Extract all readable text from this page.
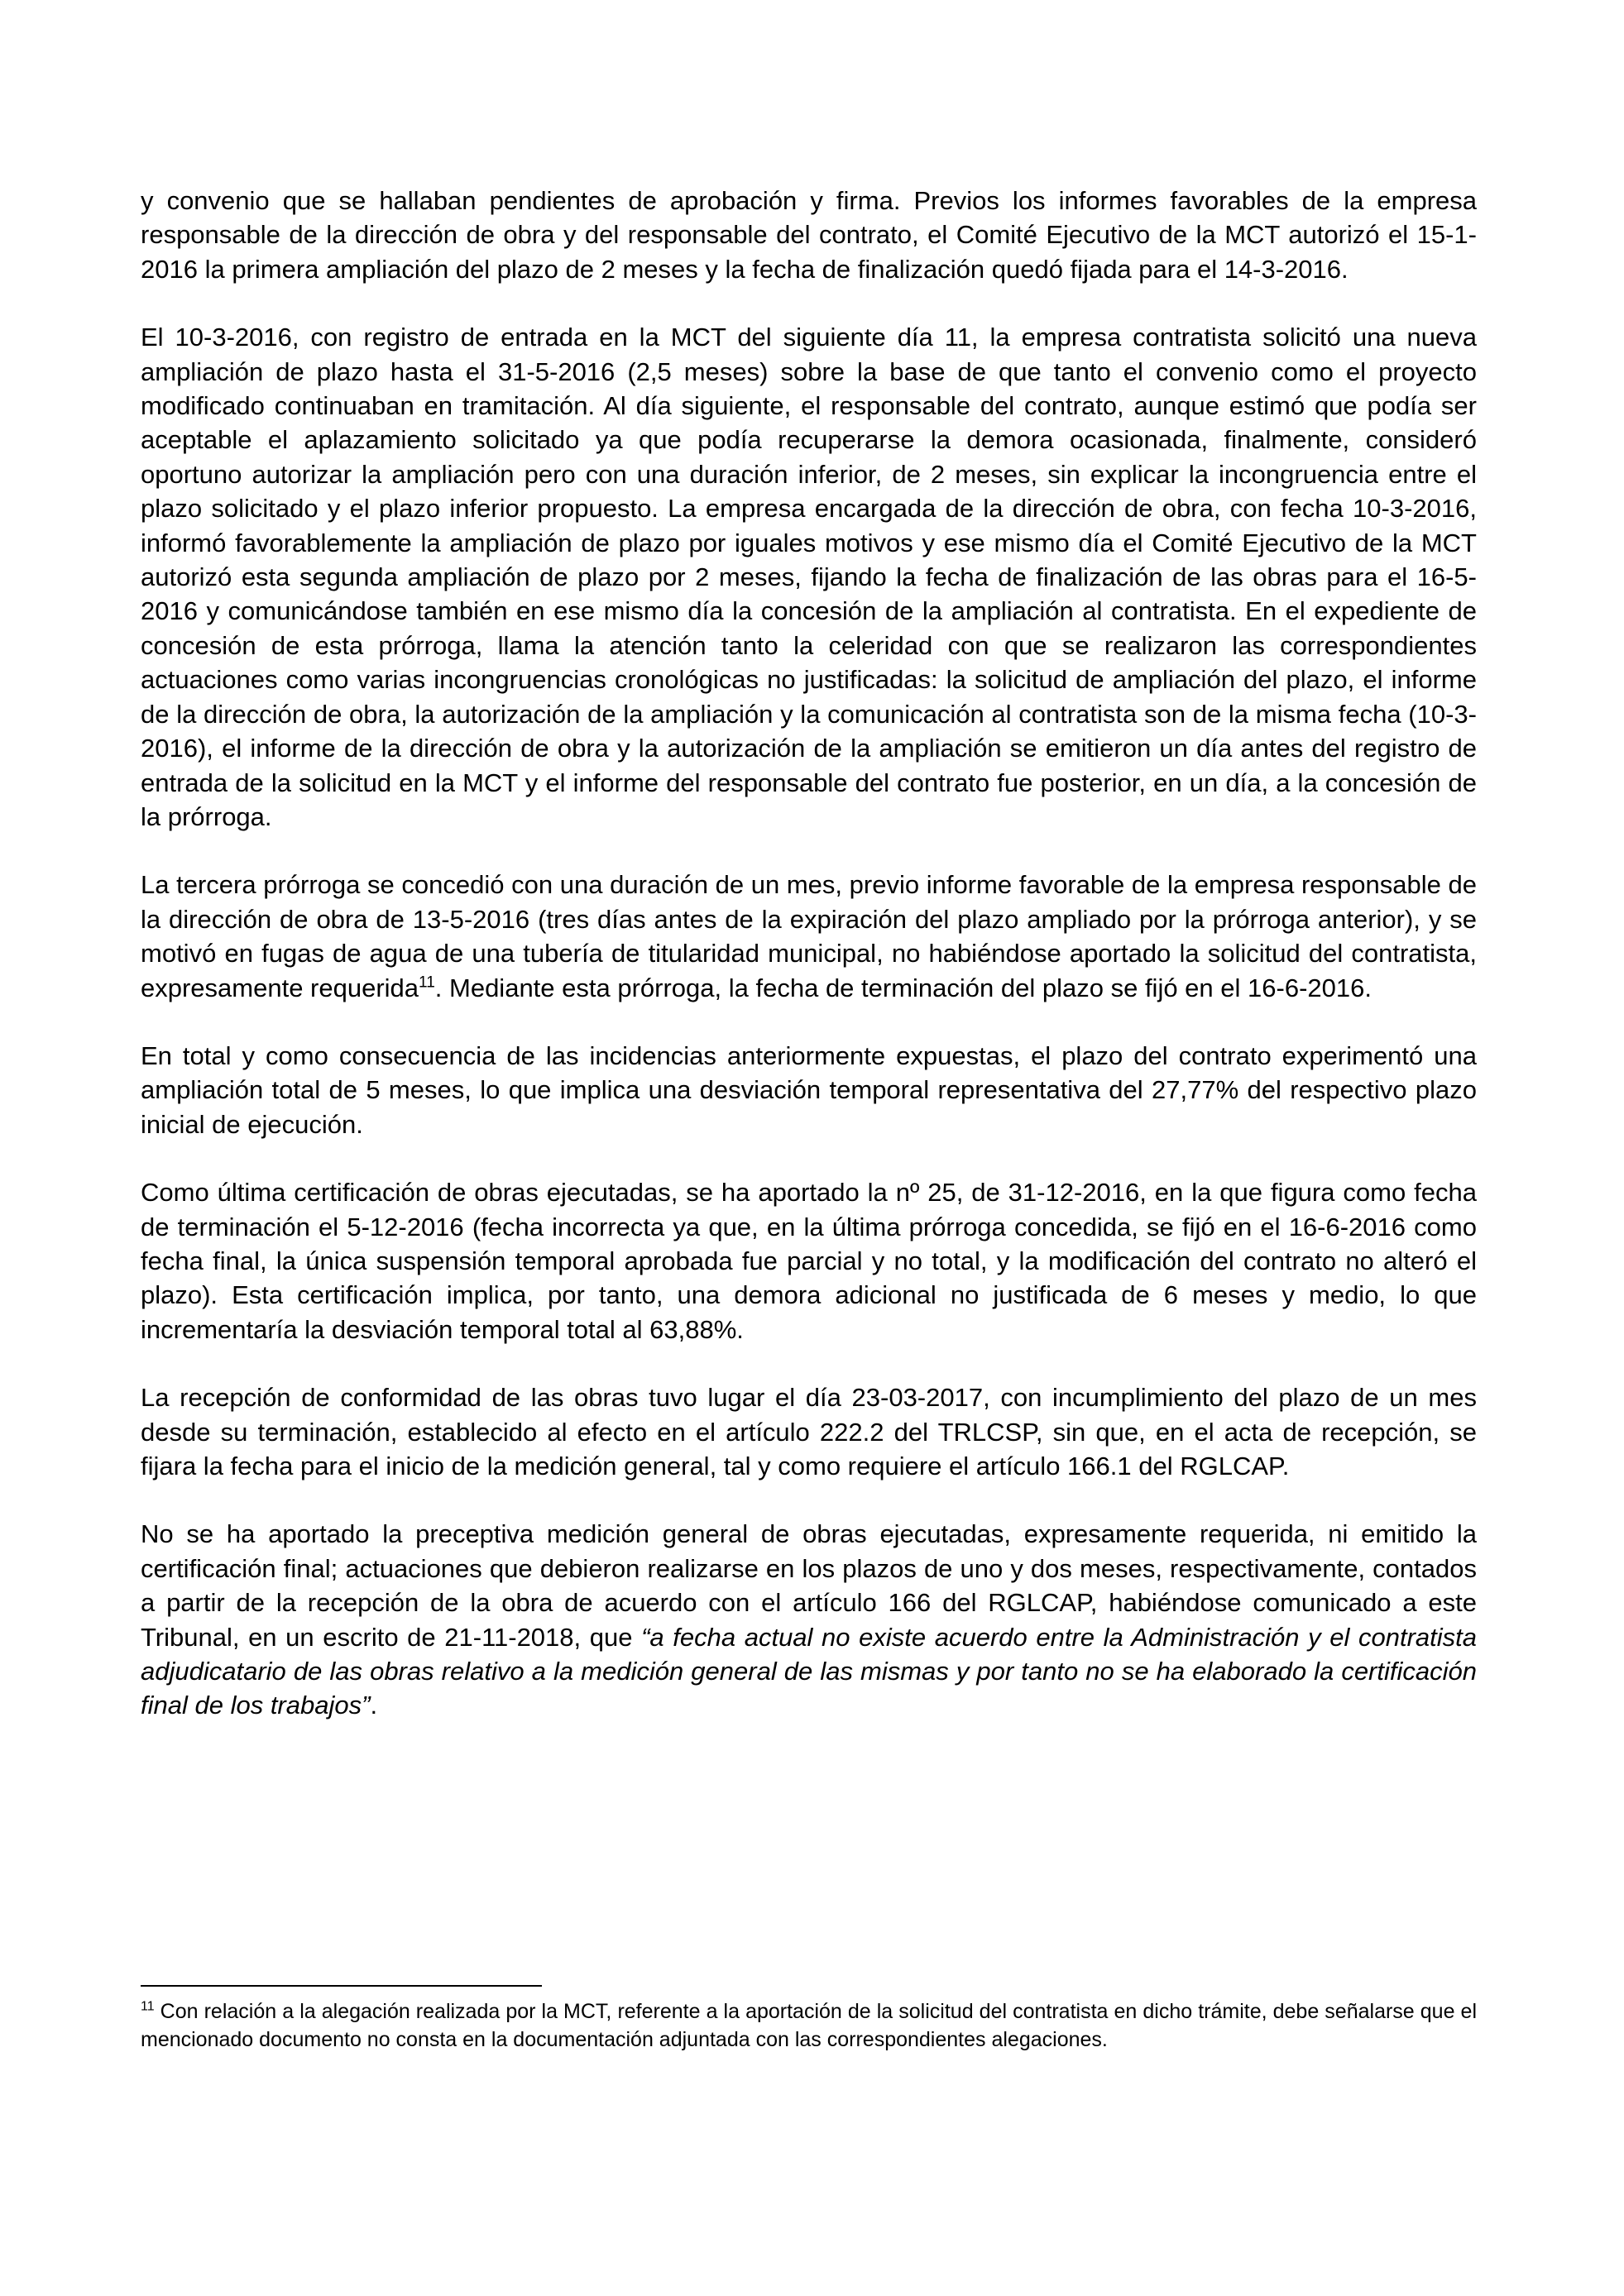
y convenio que se hallaban pendientes de aprobación y firma. Previos los informes favorables de la empresa responsable de la dirección de obra y del responsable del contrato, el Comité Ejecutivo de la MCT autorizó el 15-1-2016 la primera ampliación del plazo de 2 meses y la fecha de finalización quedó fijada para el 14-3-2016.

El 10-3-2016, con registro de entrada en la MCT del siguiente día 11, la empresa contratista solicitó una nueva ampliación de plazo hasta el 31-5-2016 (2,5 meses) sobre la base de que tanto el convenio como el proyecto modificado continuaban en tramitación. Al día siguiente, el responsable del contrato, aunque estimó que podía ser aceptable el aplazamiento solicitado ya que podía recuperarse la demora ocasionada, finalmente, consideró oportuno autorizar la ampliación pero con una duración inferior, de 2 meses, sin explicar la incongruencia entre el plazo solicitado y el plazo inferior propuesto. La empresa encargada de la dirección de obra, con fecha 10-3-2016, informó favorablemente la ampliación de plazo por iguales motivos y ese mismo día el Comité Ejecutivo de la MCT autorizó esta segunda ampliación de plazo por 2 meses, fijando la fecha de finalización de las obras para el 16-5-2016 y comunicándose también en ese mismo día la concesión de la ampliación al contratista. En el expediente de concesión de esta prórroga, llama la atención tanto la celeridad con que se realizaron las correspondientes actuaciones como varias incongruencias cronológicas no justificadas: la solicitud de ampliación del plazo, el informe de la dirección de obra, la autorización de la ampliación y la comunicación al contratista son de la misma fecha (10-3-2016), el informe de la dirección de obra y la autorización de la ampliación se emitieron un día antes del registro de entrada de la solicitud en la MCT y el informe del responsable del contrato fue posterior, en un día, a la concesión de la prórroga.

La tercera prórroga se concedió con una duración de un mes, previo informe favorable de la empresa responsable de la dirección de obra de 13-5-2016 (tres días antes de la expiración del plazo ampliado por la prórroga anterior), y se motivó en fugas de agua de una tubería de titularidad municipal, no habiéndose aportado la solicitud del contratista, expresamente requerida$^{11}$. Mediante esta prórroga, la fecha de terminación del plazo se fijó en el 16-6-2016.

En total y como consecuencia de las incidencias anteriormente expuestas, el plazo del contrato experimentó una ampliación total de 5 meses, lo que implica una desviación temporal representativa del 27,77% del respectivo plazo inicial de ejecución.

Como última certificación de obras ejecutadas, se ha aportado la nº 25, de 31-12-2016, en la que figura como fecha de terminación el 5-12-2016 (fecha incorrecta ya que, en la última prórroga concedida, se fijó en el 16-6-2016 como fecha final, la única suspensión temporal aprobada fue parcial y no total, y la modificación del contrato no alteró el plazo). Esta certificación implica, por tanto, una demora adicional no justificada de 6 meses y medio, lo que incrementaría la desviación temporal total al 63,88%.

La recepción de conformidad de las obras tuvo lugar el día 23-03-2017, con incumplimiento del plazo de un mes desde su terminación, establecido al efecto en el artículo 222.2 del TRLCSP, sin que, en el acta de recepción, se fijara la fecha para el inicio de la medición general, tal y como requiere el artículo 166.1 del RGLCAP.

No se ha aportado la preceptiva medición general de obras ejecutadas, expresamente requerida, ni emitido la certificación final; actuaciones que debieron realizarse en los plazos de uno y dos meses, respectivamente, contados a partir de la recepción de la obra de acuerdo con el artículo 166 del RGLCAP, habiéndose comunicado a este Tribunal, en un escrito de 21-11-2018, que “a fecha actual no existe acuerdo entre la Administración y el contratista adjudicatario de las obras relativo a la medición general de las mismas y por tanto no se ha elaborado la certificación final de los trabajos”.

$^{11}$ Con relación a la alegación realizada por la MCT, referente a la aportación de la solicitud del contratista en dicho trámite, debe señalarse que el mencionado documento no consta en la documentación adjuntada con las correspondientes alegaciones.
